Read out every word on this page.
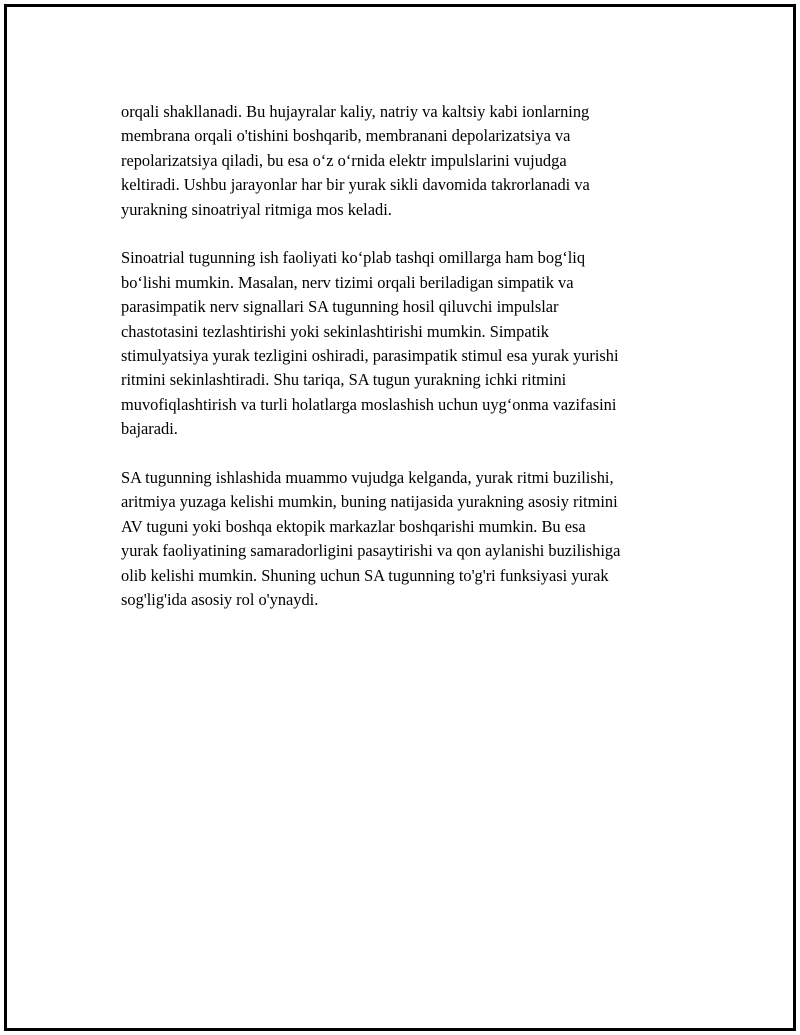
orqali shakllanadi. Bu hujayralar kaliy, natriy va kaltsiy kabi ionlarning
membrana orqali o'tishini boshqarib, membranani depolarizatsiya va
repolarizatsiya qiladi, bu esa o‘z o‘rnida elektr impulslarini vujudga
keltiradi. Ushbu jarayonlar har bir yurak sikli davomida takrorlanadi va
yurakning sinoatriyal ritmiga mos keladi.

Sinoatrial tugunning ish faoliyati ko‘plab tashqi omillarga ham bog‘liq
bo‘lishi mumkin. Masalan, nerv tizimi orqali beriladigan simpatik va
parasimpatik nerv signallari SA tugunning hosil qiluvchi impulslar
chastotasini tezlashtirishi yoki sekinlashtirishi mumkin. Simpatik
stimulyatsiya yurak tezligini oshiradi, parasimpatik stimul esa yurak yurishi
ritmini sekinlashtiradi. Shu tariqa, SA tugun yurakning ichki ritmini
muvofiqlashtirish va turli holatlarga moslashish uchun uyg‘onma vazifasini
bajaradi.

SA tugunning ishlashida muammo vujudga kelganda, yurak ritmi buzilishi,
aritmiya yuzaga kelishi mumkin, buning natijasida yurakning asosiy ritmini
AV tuguni yoki boshqa ektopik markazlar boshqarishi mumkin. Bu esa
yurak faoliyatining samaradorligini pasaytirishi va qon aylanishi buzilishiga
olib kelishi mumkin. Shuning uchun SA tugunning to'g'ri funksiyasi yurak
sog'lig'ida asosiy rol o'ynaydi.
